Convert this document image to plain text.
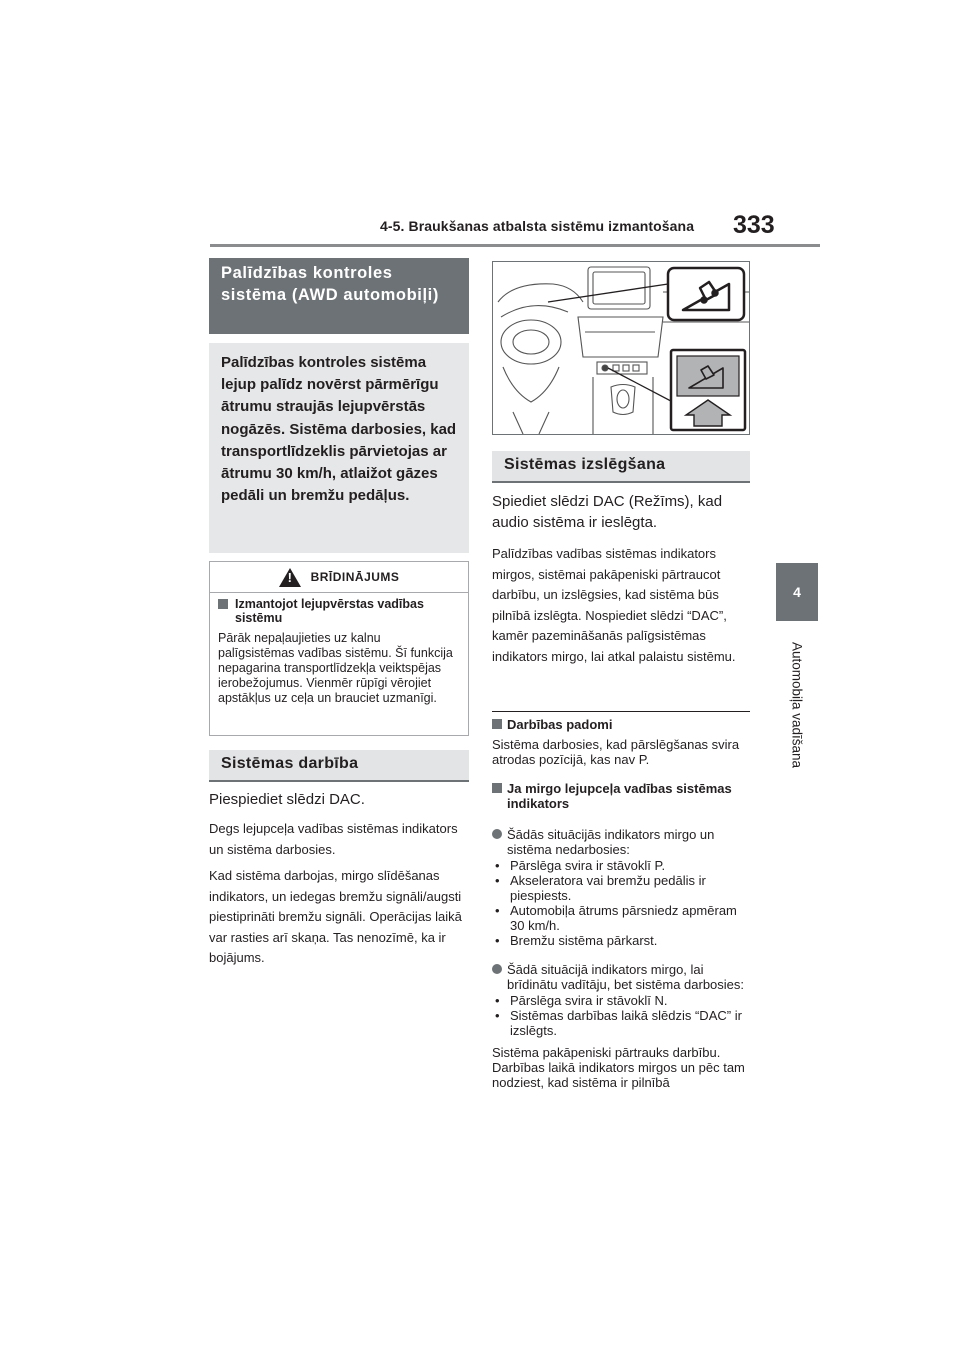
4-5. Braukšanas atbalsta sistēmu izmantošana 333
4
Automobiļa vadīšana
Palīdzības kontroles sistēma (AWD automobiļi)
Palīdzības kontroles sistēma lejup palīdz novērst pārmērīgu ātrumu straujās lejupvērstās nogāzēs. Sistēma darbosies, kad transportlīdzeklis pārvietojas ar ātrumu 30 km/h, atlaižot gāzes pedāli un bremžu pedāļus.
!
BRĪDINĀJUMS
Izmantojot lejupvērstas vadības sistēmu
Pārāk nepaļaujieties uz kalnu palīgsistēmas vadības sistēmu. Šī funkcija nepagarina transportlīdzekļa veiktspējas ierobežojumus. Vienmēr rūpīgi vērojiet apstākļus uz ceļa un brauciet uzmanīgi.
Sistēmas darbība
Piespiediet slēdzi DAC.
Degs lejupceļa vadības sistēmas indikators un sistēma darbosies.
Kad sistēma darbojas, mirgo slīdēšanas indikators, un iedegas bremžu signāli/augsti piestiprināti bremžu signāli. Operācijas laikā var rasties arī skaņa. Tas nenozīmē, ka ir bojājums.
Sistēmas izslēgšana
Spiediet slēdzi DAC (Režīms), kad audio sistēma ir ieslēgta.
Palīdzības vadības sistēmas indikators mirgos, sistēmai pakāpeniski pārtraucot darbību, un izslēgsies, kad sistēma būs pilnībā izslēgta. Nospiediet slēdzi “DAC”, kamēr pazemināšanās palīgsistēmas indikators mirgo, lai atkal palaistu sistēmu.
Darbības padomi
Sistēma darbosies, kad pārslēgšanas svira atrodas pozīcijā, kas nav P.
Ja mirgo lejupceļa vadības sistēmas indikators
Šādās situācijās indikators mirgo un sistēma nedarbosies:
• Pārslēga svira ir stāvoklī P.
• Akseleratora vai bremžu pedālis ir piespiests.
• Automobiļa ātrums pārsniedz apmēram 30 km/h.
• Bremžu sistēma pārkarst.
Šādā situācijā indikators mirgo, lai brīdinātu vadītāju, bet sistēma darbosies:
• Pārslēga svira ir stāvoklī N.
• Sistēmas darbības laikā slēdzis “DAC” ir izslēgts.
Sistēma pakāpeniski pārtrauks darbību. Darbības laikā indikators mirgos un pēc tam nodziest, kad sistēma ir pilnībā
